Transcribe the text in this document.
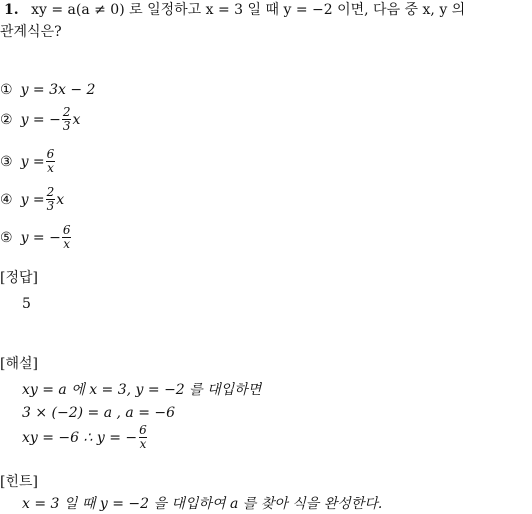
1. xy = a(a ≠ 0) 로 일정하고 x = 3 일 때 y = −2 이면, 다음 중 x, y 의
관계식은?
① y = 3x − 2
② y = − $\frac{2}{3}$ x
③ $y = \frac{6}{x}$
④ $y = \frac{2}{3}$ x
⑤ y = − $\frac{6}{x}$
[정답]
5
[해설]
xy = a 에 x = 3, y = −2 를 대입하면
3 × (−2) = a , a = −6
xy = −6 ∴ y = − $\frac{6}{x}$
[힌트]
x = 3 일 때 y = −2 을 대입하여 a 를 찾아 식을 완성한다.
